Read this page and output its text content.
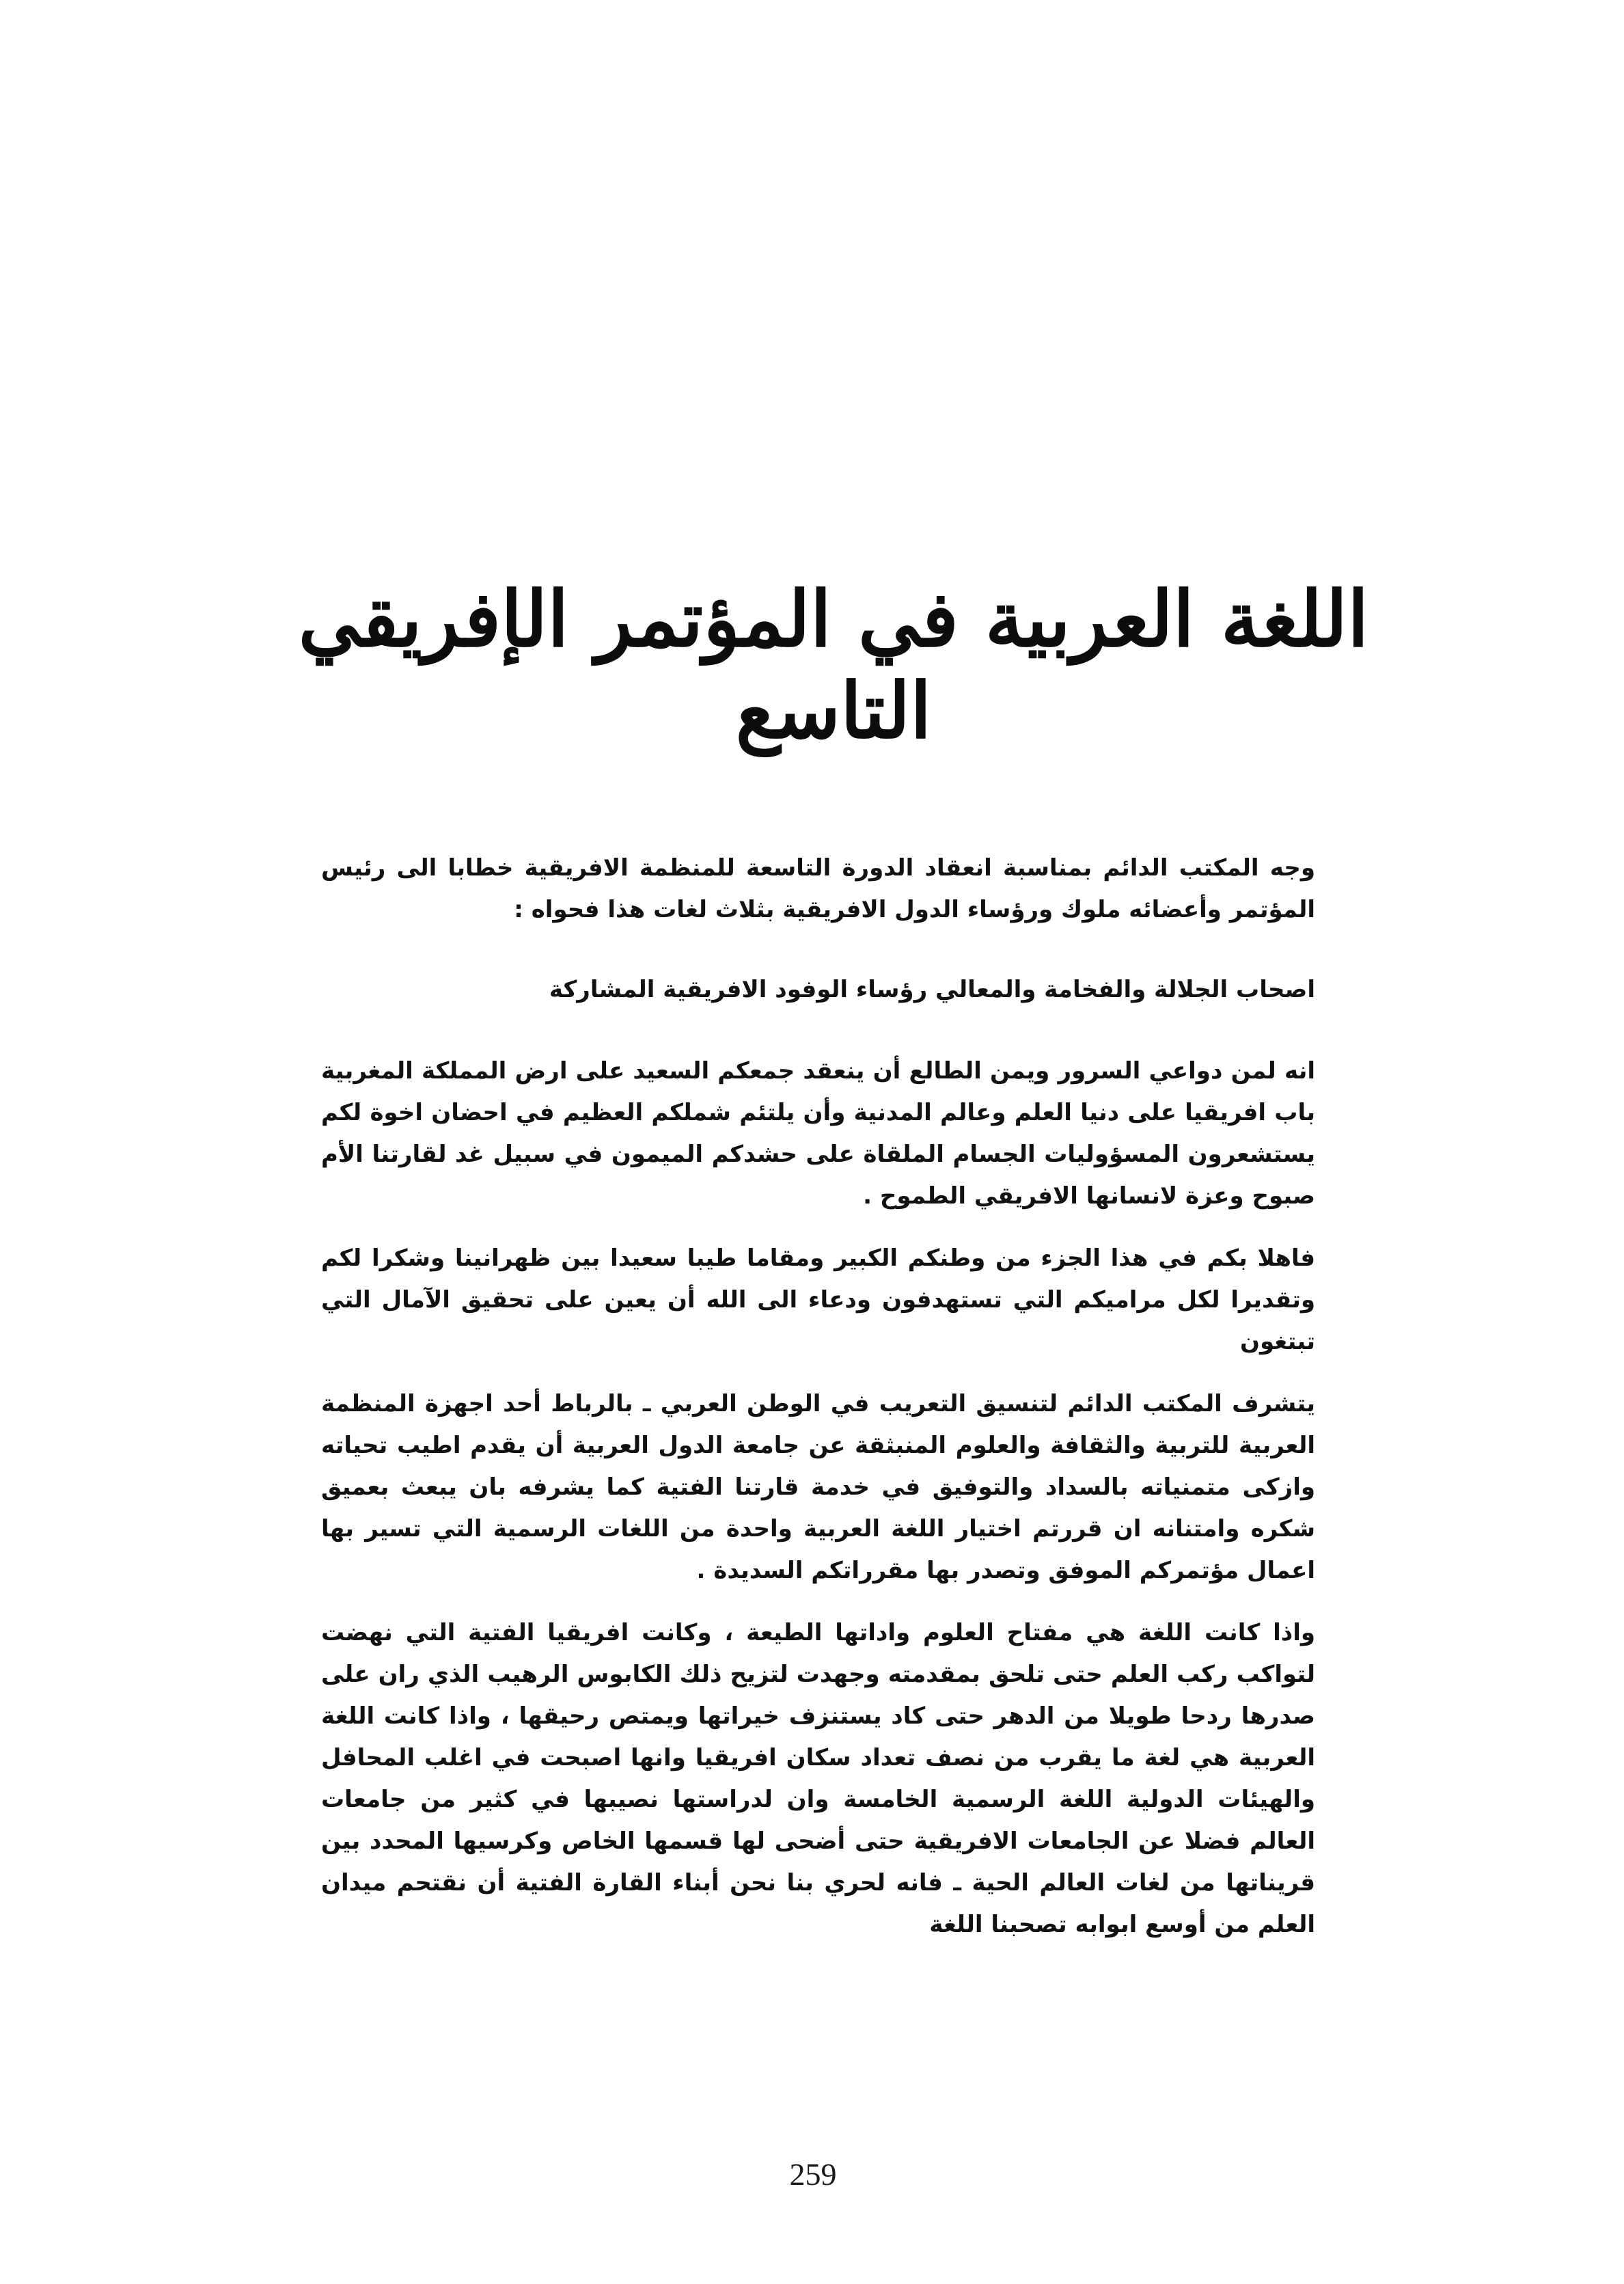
اللغة العربية في المؤتمر الإفريقي التاسع

وجه المكتب الدائم بمناسبة انعقاد الدورة التاسعة للمنظمة الافريقية خطابا الى رئيس المؤتمر وأعضائه ملوك ورؤساء الدول الافريقية بثلاث لغات هذا فحواه :

اصحاب الجلالة والفخامة والمعالي رؤساء الوفود الافريقية المشاركة

انه لمن دواعي السرور ويمن الطالع أن ينعقد جمعكم السعيد على ارض المملكة المغربية باب افريقيا على دنيا العلم وعالم المدنية وأن يلتئم شملكم العظيم في احضان اخوة لكم يستشعرون المسؤوليات الجسام الملقاة على حشدكم الميمون في سبيل غد لقارتنا الأم صبوح وعزة لانسانها الافريقي الطموح .

فاهلا بكم في هذا الجزء من وطنكم الكبير ومقاما طيبا سعيدا بين ظهرانينا وشكرا لكم وتقديرا لكل مراميكم التي تستهدفون ودعاء الى الله أن يعين على تحقيق الآمال التي تبتغون

يتشرف المكتب الدائم لتنسيق التعريب في الوطن العربي ـ بالرباط أحد اجهزة المنظمة العربية للتربية والثقافة والعلوم المنبثقة عن جامعة الدول العربية أن يقدم اطيب تحياته وازكى متمنياته بالسداد والتوفيق في خدمة قارتنا الفتية كما يشرفه بان يبعث بعميق شكره وامتنانه ان قررتم اختيار اللغة العربية واحدة من اللغات الرسمية التي تسير بها اعمال مؤتمركم الموفق وتصدر بها مقرراتكم السديدة .

واذا كانت اللغة هي مفتاح العلوم واداتها الطيعة ، وكانت افريقيا الفتية التي نهضت لتواكب ركب العلم حتى تلحق بمقدمته وجهدت لتزيح ذلك الكابوس الرهيب الذي ران على صدرها ردحا طويلا من الدهر حتى كاد يستنزف خيراتها ويمتص رحيقها ، واذا كانت اللغة العربية هي لغة ما يقرب من نصف تعداد سكان افريقيا وانها اصبحت في اغلب المحافل والهيئات الدولية اللغة الرسمية الخامسة وان لدراستها نصيبها في كثير من جامعات العالم فضلا عن الجامعات الافريقية حتى أضحى لها قسمها الخاص وكرسيها المحدد بين قريناتها من لغات العالم الحية ـ فانه لحري بنا نحن أبناء القارة الفتية أن نقتحم ميدان العلم من أوسع ابوابه تصحبنا اللغة

259
